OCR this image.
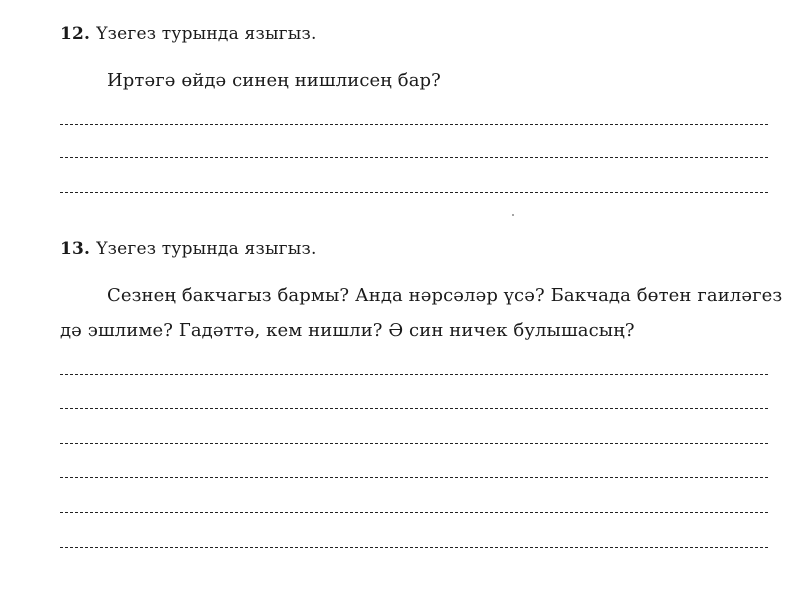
12. Үзегез турында языгыз.
Иртәгә өйдә синең нишлисең бар?
13. Үзегез турында языгыз.
Сезнең бакчагыз бармы? Анда нәрсәләр үсә? Бакчада бөтен гаиләгез
дә эшлиме? Гадәттә, кем нишли? Ә син ничек булышасың?
